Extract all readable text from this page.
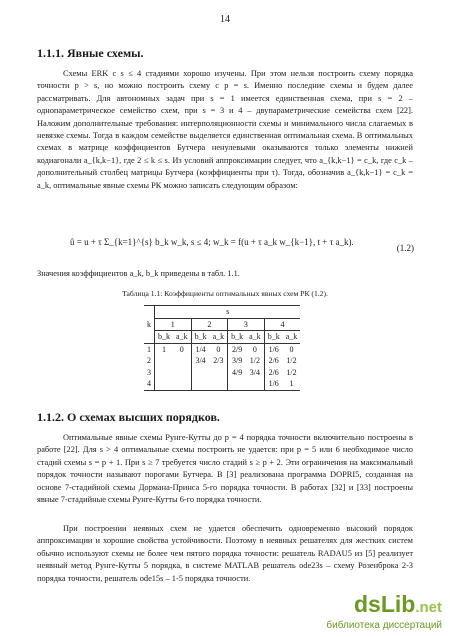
14
1.1.1. Явные схемы.
Схемы ERK с s ≤ 4 стадиями хорошо изучены. При этом нельзя построить схему порядка точности p > s, но можно построить схему с p = s. Именно последние схемы и будем далее рассматривать. Для автономных задач при s = 1 имеется единственная схема, при s = 2 – однопараметрическое семейство схем, при s = 3 и 4 – двупараметрические семейства схем [22]. Наложим дополнительные требования: интерполяционности схемы и минимального числа слагаемых в невязке схемы. Тогда в каждом семействе выделяется единственная оптимальная схема. В оптимальных схемах в матрице коэффициентов Бутчера ненулевыми оказываются только элементы нижней кодиагонали a_{k,k−1}, где 2 ≤ k ≤ s. Из условий аппроксимации следует, что a_{k,k−1} = c_k, где c_k – дополнительный столбец матрицы Бутчера (коэффициенты при τ). Тогда, обозначив a_{k,k−1} = c_k = a_k, оптимальные явные схемы РК можно записать следующим образом:
û = u + τ Σ_{k=1}^{s} b_k w_k, s ≤ 4; w_k = f(u + τ a_k w_{k−1}, t + τ a_k).
(1.2)
Значения коэффициентов a_k, b_k приведены в табл. 1.1.
Таблица 1.1: Коэффициенты оптимальных явных схем РК (1.2).
	s							
k	1		2		3		4	
	b_k	a_k	b_k	a_k	b_k	a_k	b_k	a_k
1	1	0	1/4	0	2/9	0	1/6	0
2			3/4	2/3	3/9	1/2	2/6	1/2
3					4/9	3/4	2/6	1/2
4							1/6	1
1.1.2. О схемах высших порядков.
Оптимальные явные схемы Рунге-Кутты до p = 4 порядка точности включительно построены в работе [22]. Для s > 4 оптимальные схемы построить не удается: при p = 5 или 6 необходимое число стадий схемы s = p + 1. При s ≥ 7 требуется число стадий s ≥ p + 2. Эти ограничения на максимальный порядок точности называют порогами Бутчера. В [3] реализована программа DOPRI5, созданная на основе 7-стадийной схемы Дормана-Принса 5-го порядка точности. В работах [32] и [33] построены явные 7-стадийные схемы Рунге-Кутты 6-го порядка точности.
При построении неявных схем не удается обеспечить одновременно высокий порядок аппроксимации и хорошие свойства устойчивости. Поэтому в неявных решателях для жестких систем обычно используют схемы не более чем пятого порядка точности: решатель RADAU5 из [5] реализует неявный метод Рунге-Кутты 5 порядка, в системе MATLAB решатель ode23s – схему Розенброка 2-3 порядка точности, решатель ode15s – 1-5 порядка точности.
dsLib.net
библиотека диссертаций
